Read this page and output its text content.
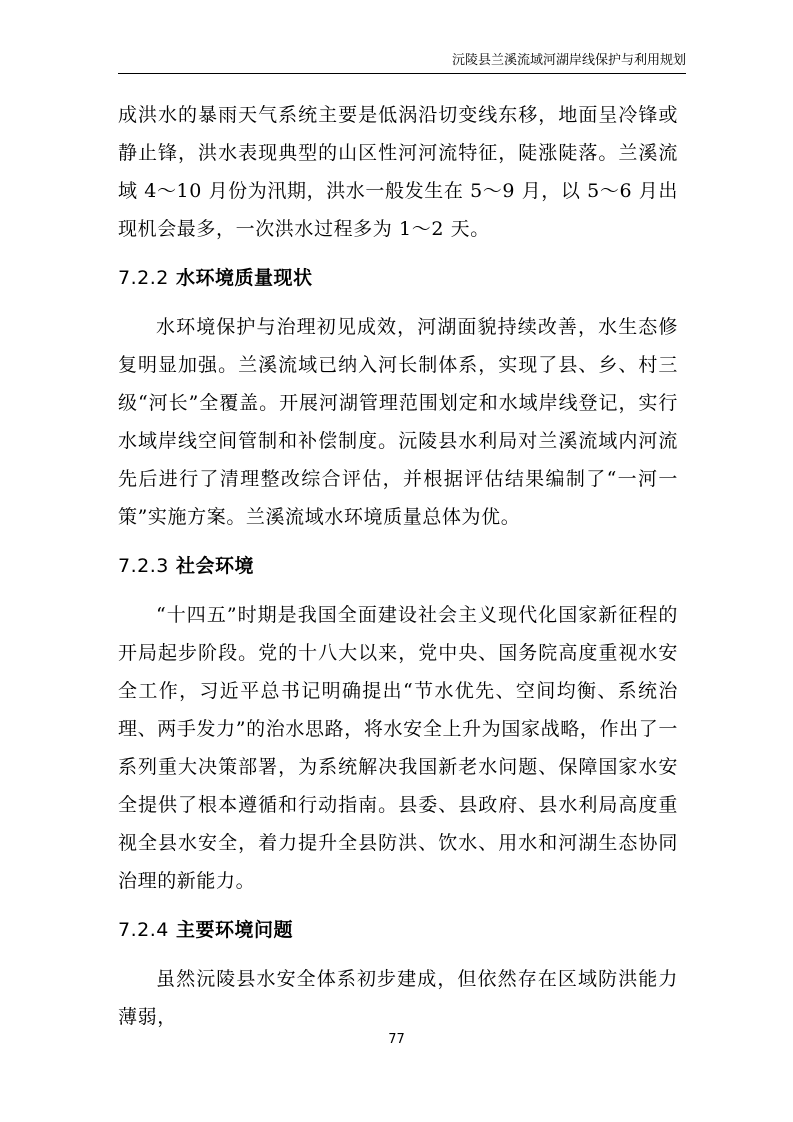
沅陵县兰溪流域河湖岸线保护与利用规划

成洪水的暴雨天气系统主要是低涡沿切变线东移，地面呈冷锋或静止锋，洪水表现典型的山区性河河流特征，陡涨陡落。兰溪流域 4～10 月份为汛期，洪水一般发生在 5～9 月，以 5～6 月出现机会最多，一次洪水过程多为 1～2 天。

7.2.2 水环境质量现状

水环境保护与治理初见成效，河湖面貌持续改善，水生态修复明显加强。兰溪流域已纳入河长制体系，实现了县、乡、村三级“河长”全覆盖。开展河湖管理范围划定和水域岸线登记，实行水域岸线空间管制和补偿制度。沅陵县水利局对兰溪流域内河流先后进行了清理整改综合评估，并根据评估结果编制了“一河一策”实施方案。兰溪流域水环境质量总体为优。

7.2.3 社会环境

“十四五”时期是我国全面建设社会主义现代化国家新征程的开局起步阶段。党的十八大以来，党中央、国务院高度重视水安全工作，习近平总书记明确提出“节水优先、空间均衡、系统治理、两手发力”的治水思路，将水安全上升为国家战略，作出了一系列重大决策部署，为系统解决我国新老水问题、保障国家水安全提供了根本遵循和行动指南。县委、县政府、县水利局高度重视全县水安全，着力提升全县防洪、饮水、用水和河湖生态协同治理的新能力。

7.2.4 主要环境问题

虽然沅陵县水安全体系初步建成，但依然存在区域防洪能力薄弱，

77
